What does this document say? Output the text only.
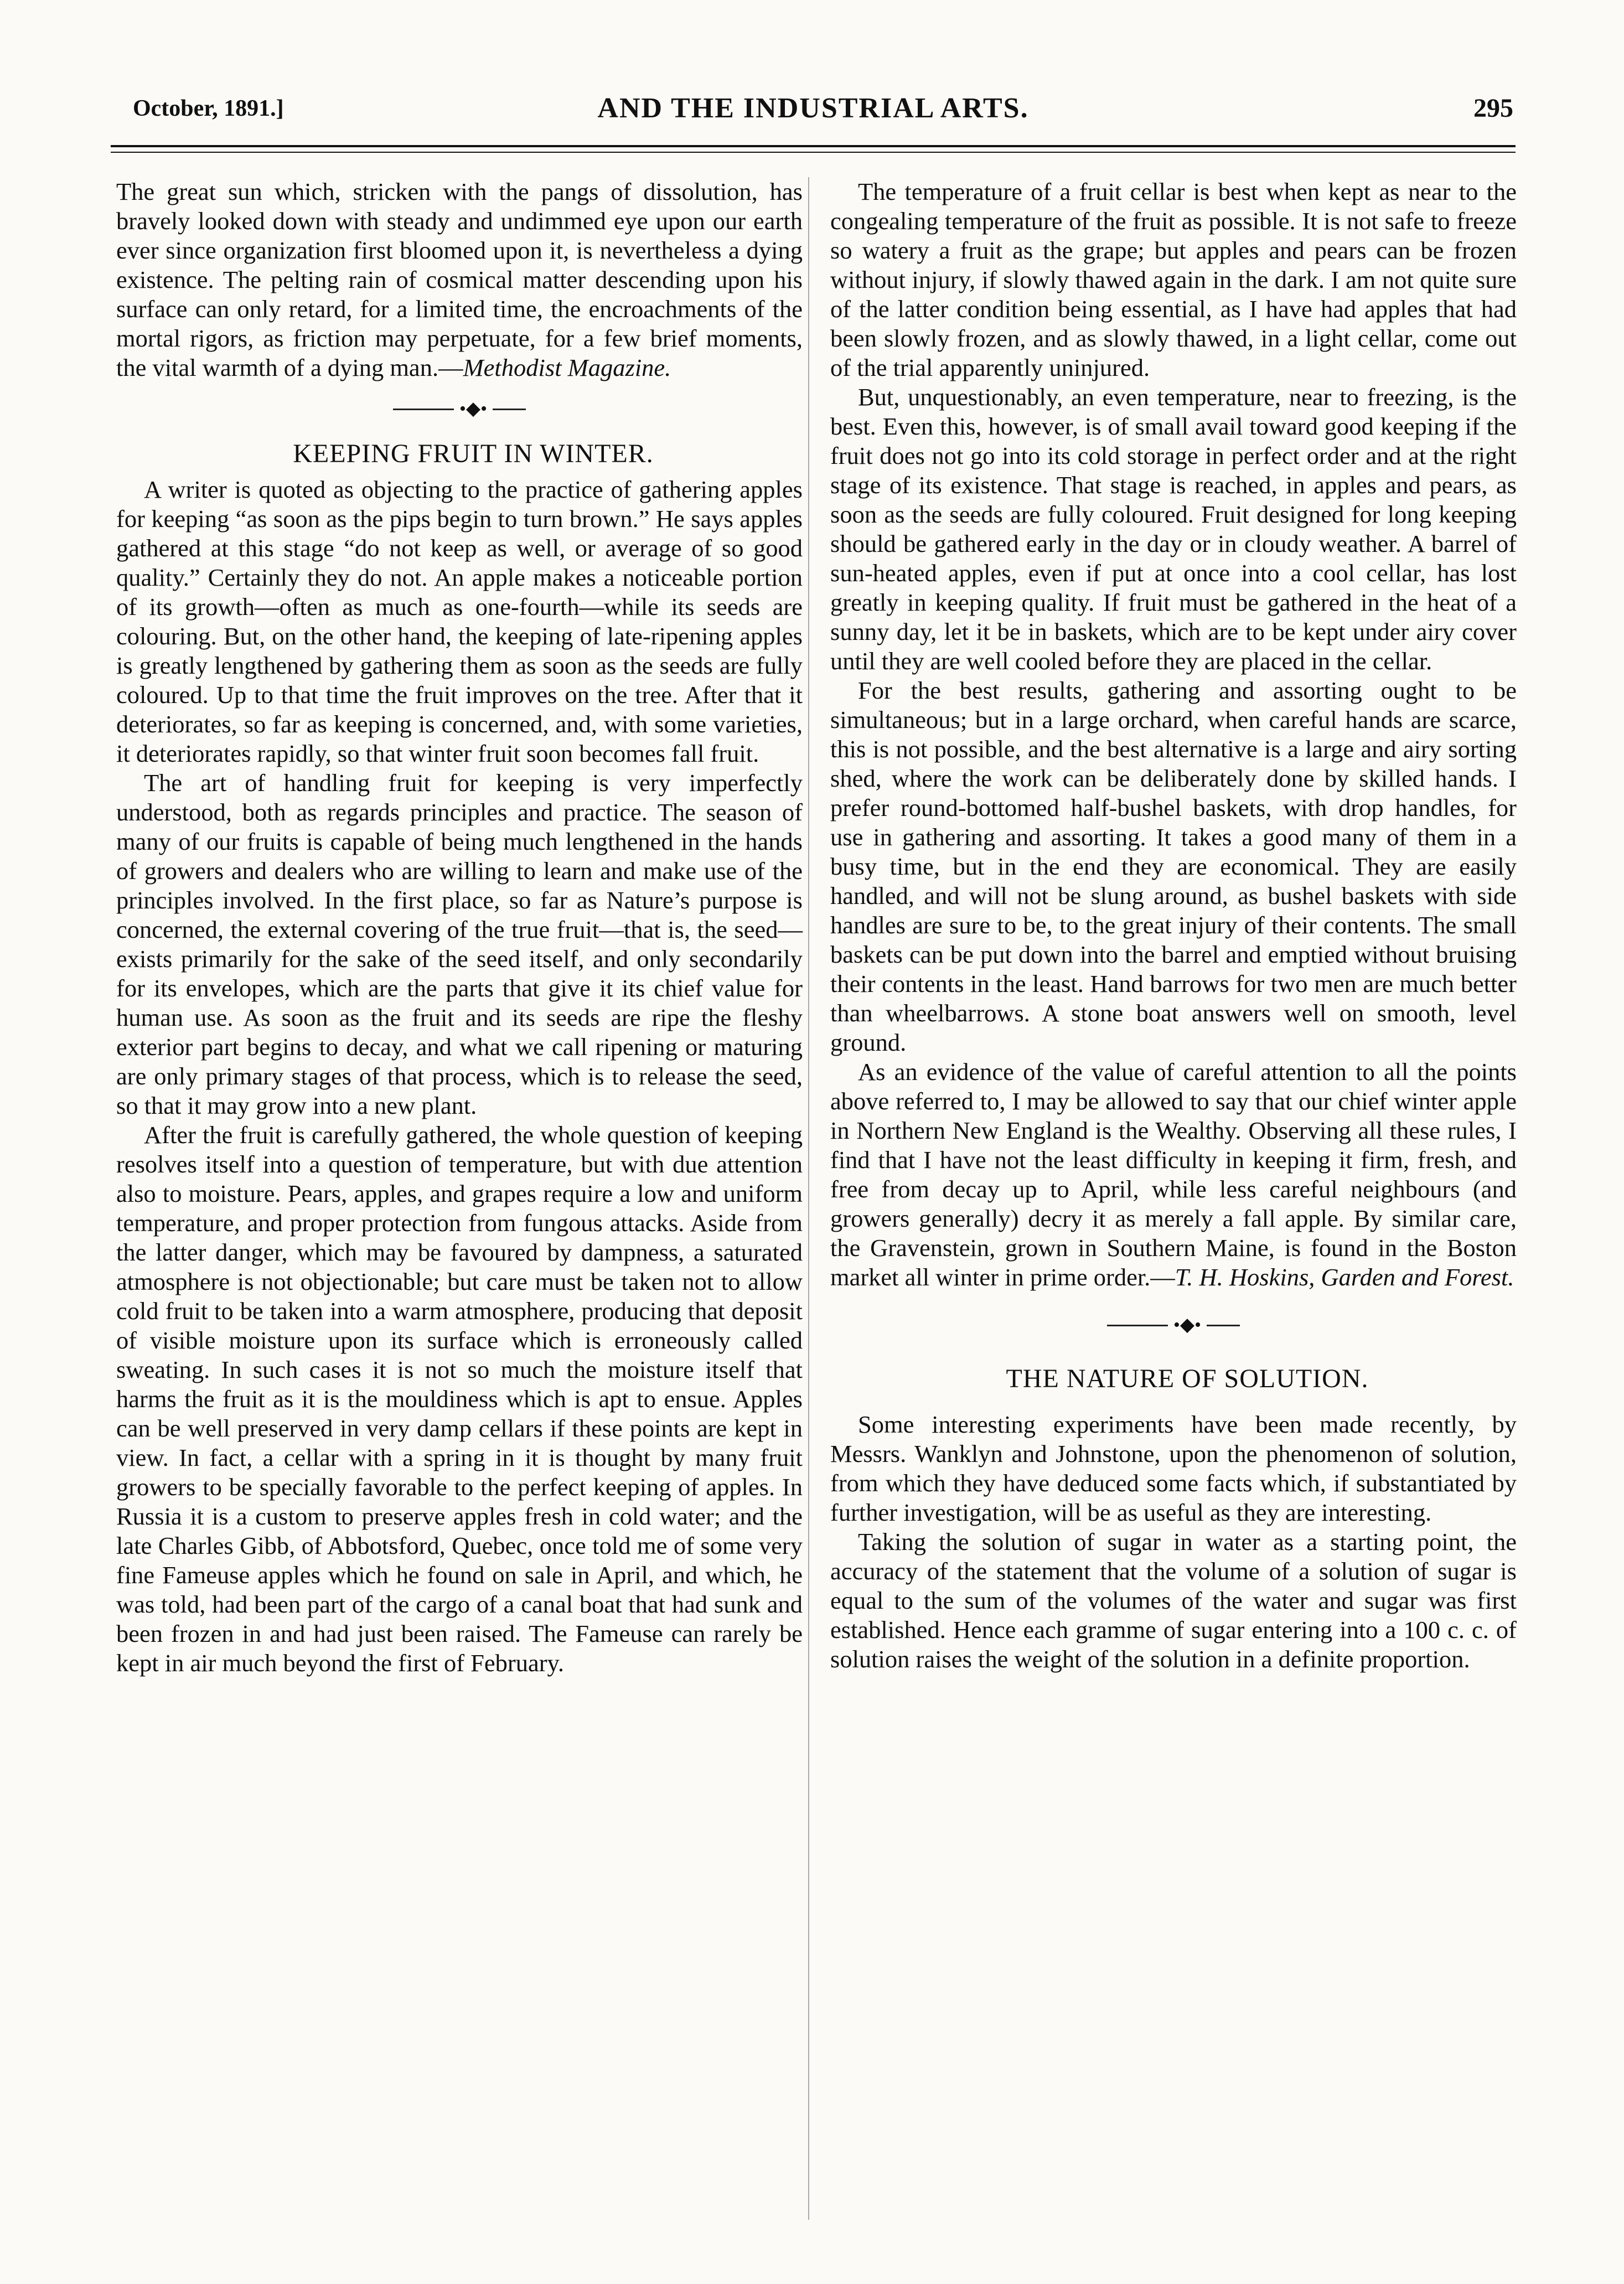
October, 1891.]	AND THE INDUSTRIAL ARTS.	295

The great sun which, stricken with the pangs of dissolution, has bravely looked down with steady and undimmed eye upon our earth ever since organization first bloomed upon it, is nevertheless a dying existence. The pelting rain of cosmical matter descending upon his surface can only retard, for a limited time, the encroachments of the mortal rigors, as friction may perpetuate, for a few brief moments, the vital warmth of a dying man.—Methodist Magazine.

•◆•

KEEPING FRUIT IN WINTER.

A writer is quoted as objecting to the practice of gathering apples for keeping “as soon as the pips begin to turn brown.” He says apples gathered at this stage “do not keep as well, or average of so good quality.” Certainly they do not. An apple makes a noticeable portion of its growth—often as much as one-fourth—while its seeds are colouring. But, on the other hand, the keeping of late-ripening apples is greatly lengthened by gathering them as soon as the seeds are fully coloured. Up to that time the fruit improves on the tree. After that it deteriorates, so far as keeping is concerned, and, with some varieties, it deteriorates rapidly, so that winter fruit soon becomes fall fruit.

The art of handling fruit for keeping is very imperfectly understood, both as regards principles and practice. The season of many of our fruits is capable of being much lengthened in the hands of growers and dealers who are willing to learn and make use of the principles involved. In the first place, so far as Nature’s purpose is concerned, the external covering of the true fruit—that is, the seed—exists primarily for the sake of the seed itself, and only secondarily for its envelopes, which are the parts that give it its chief value for human use. As soon as the fruit and its seeds are ripe the fleshy exterior part begins to decay, and what we call ripening or maturing are only primary stages of that process, which is to release the seed, so that it may grow into a new plant.

After the fruit is carefully gathered, the whole question of keeping resolves itself into a question of temperature, but with due attention also to moisture. Pears, apples, and grapes require a low and uniform temperature, and proper protection from fungous attacks. Aside from the latter danger, which may be favoured by dampness, a saturated atmosphere is not objectionable; but care must be taken not to allow cold fruit to be taken into a warm atmosphere, producing that deposit of visible moisture upon its surface which is erroneously called sweating. In such cases it is not so much the moisture itself that harms the fruit as it is the mouldiness which is apt to ensue. Apples can be well preserved in very damp cellars if these points are kept in view. In fact, a cellar with a spring in it is thought by many fruit growers to be specially favorable to the perfect keeping of apples. In Russia it is a custom to preserve apples fresh in cold water; and the late Charles Gibb, of Abbotsford, Quebec, once told me of some very fine Fameuse apples which he found on sale in April, and which, he was told, had been part of the cargo of a canal boat that had sunk and been frozen in and had just been raised. The Fameuse can rarely be kept in air much beyond the first of February.

The temperature of a fruit cellar is best when kept as near to the congealing temperature of the fruit as possible. It is not safe to freeze so watery a fruit as the grape; but apples and pears can be frozen without injury, if slowly thawed again in the dark. I am not quite sure of the latter condition being essential, as I have had apples that had been slowly frozen, and as slowly thawed, in a light cellar, come out of the trial apparently uninjured.

But, unquestionably, an even temperature, near to freezing, is the best. Even this, however, is of small avail toward good keeping if the fruit does not go into its cold storage in perfect order and at the right stage of its existence. That stage is reached, in apples and pears, as soon as the seeds are fully coloured. Fruit designed for long keeping should be gathered early in the day or in cloudy weather. A barrel of sun-heated apples, even if put at once into a cool cellar, has lost greatly in keeping quality. If fruit must be gathered in the heat of a sunny day, let it be in baskets, which are to be kept under airy cover until they are well cooled before they are placed in the cellar.

For the best results, gathering and assorting ought to be simultaneous; but in a large orchard, when careful hands are scarce, this is not possible, and the best alternative is a large and airy sorting shed, where the work can be deliberately done by skilled hands. I prefer round-bottomed half-bushel baskets, with drop handles, for use in gathering and assorting. It takes a good many of them in a busy time, but in the end they are economical. They are easily handled, and will not be slung around, as bushel baskets with side handles are sure to be, to the great injury of their contents. The small baskets can be put down into the barrel and emptied without bruising their contents in the least. Hand barrows for two men are much better than wheelbarrows. A stone boat answers well on smooth, level ground.

As an evidence of the value of careful attention to all the points above referred to, I may be allowed to say that our chief winter apple in Northern New England is the Wealthy. Observing all these rules, I find that I have not the least difficulty in keeping it firm, fresh, and free from decay up to April, while less careful neighbours (and growers generally) decry it as merely a fall apple. By similar care, the Gravenstein, grown in Southern Maine, is found in the Boston market all winter in prime order.—T. H. Hoskins, Garden and Forest.

•◆•

THE NATURE OF SOLUTION.

Some interesting experiments have been made recently, by Messrs. Wanklyn and Johnstone, upon the phenomenon of solution, from which they have deduced some facts which, if substantiated by further investigation, will be as useful as they are interesting.

Taking the solution of sugar in water as a starting point, the accuracy of the statement that the volume of a solution of sugar is equal to the sum of the volumes of the water and sugar was first established. Hence each gramme of sugar entering into a 100 c. c. of solution raises the weight of the solution in a definite proportion.
